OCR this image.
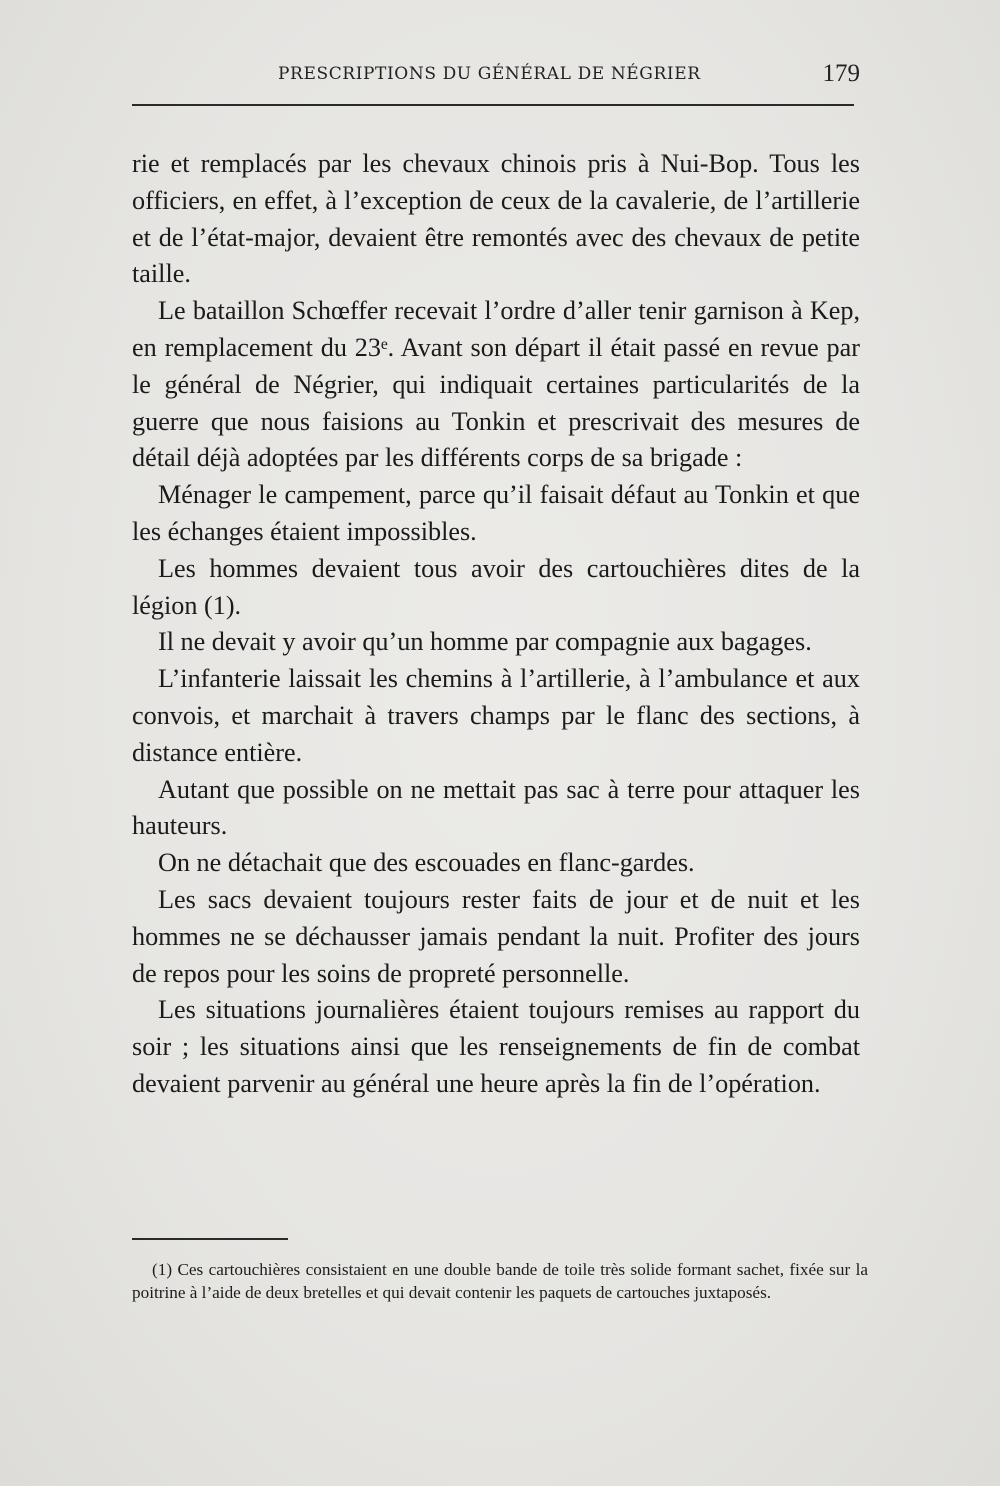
PRESCRIPTIONS DU GÉNÉRAL DE NÉGRIER	179

rie et remplacés par les chevaux chinois pris à Nui-Bop. Tous les officiers, en effet, à l’exception de ceux de la cavalerie, de l’artillerie et de l’état-major, devaient être remontés avec des chevaux de petite taille.

Le bataillon Schœffer recevait l’ordre d’aller tenir garnison à Kep, en remplacement du 23ᵉ. Avant son départ il était passé en revue par le général de Négrier, qui indiquait certaines particularités de la guerre que nous faisions au Tonkin et prescrivait des mesures de détail déjà adoptées par les différents corps de sa brigade :

Ménager le campement, parce qu’il faisait défaut au Tonkin et que les échanges étaient impossibles.

Les hommes devaient tous avoir des cartouchières dites de la légion (1).

Il ne devait y avoir qu’un homme par compagnie aux bagages.

L’infanterie laissait les chemins à l’artillerie, à l’ambulance et aux convois, et marchait à travers champs par le flanc des sections, à distance entière.

Autant que possible on ne mettait pas sac à terre pour attaquer les hauteurs.

On ne détachait que des escouades en flanc-gardes.

Les sacs devaient toujours rester faits de jour et de nuit et les hommes ne se déchausser jamais pendant la nuit. Profiter des jours de repos pour les soins de propreté personnelle.

Les situations journalières étaient toujours remises au rapport du soir ; les situations ainsi que les renseignements de fin de combat devaient parvenir au général une heure après la fin de l’opération.

(1) Ces cartouchières consistaient en une double bande de toile très solide formant sachet, fixée sur la poitrine à l’aide de deux bretelles et qui devait contenir les paquets de cartouches juxtaposés.
